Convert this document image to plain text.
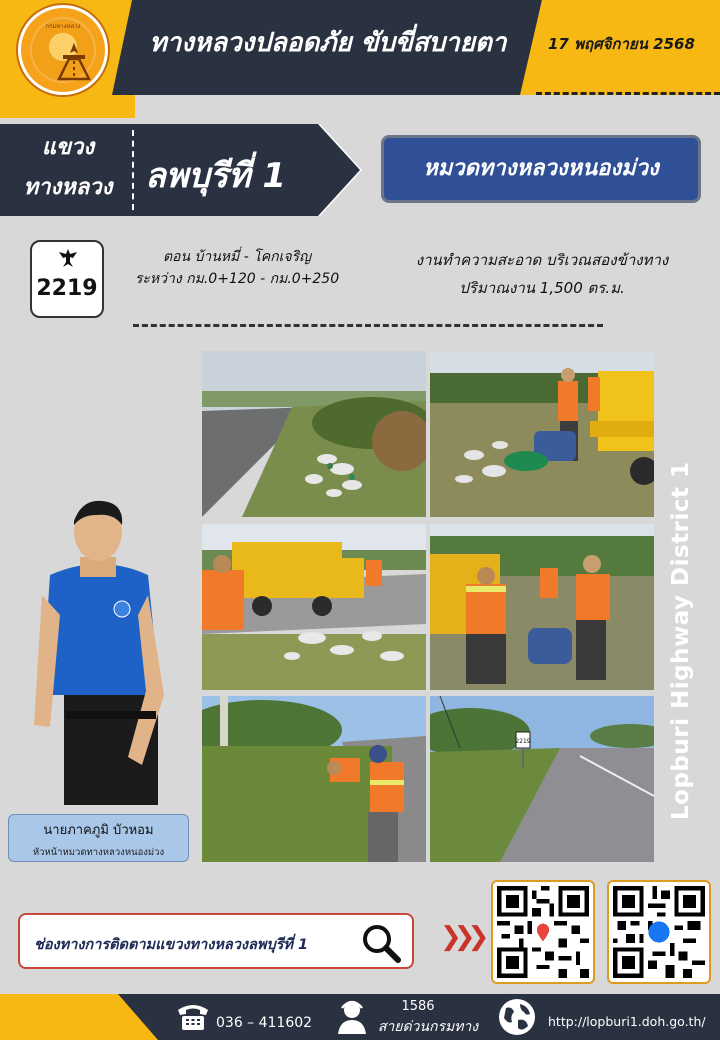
กรมทางหลวง
ทางหลวงปลอดภัย ขับขี่สบายตา	17 พฤศจิกายน 2568
แขวง
ทางหลวง ลพบุรีที่ 1	หมวดทางหลวงหนองม่วง
2219
ตอน บ้านหมี่ - โคกเจริญ
ระหว่าง กม.0+120 - กม.0+250
งานทำความสะอาด บริเวณสองข้างทาง
ปริมาณงาน 1,500 ตร.ม.
2219	Lopburi Highway District 1
นายภาคภูมิ บัวหอม
หัวหน้าหมวดทางหลวงหนองม่วง
ช่องทางการติดตามแขวงทางหลวงลพบุรีที่ 1	❯❯❯
036 – 411602
1586
สายด่วนกรมทาง	http://lopburi1.doh.go.th/
